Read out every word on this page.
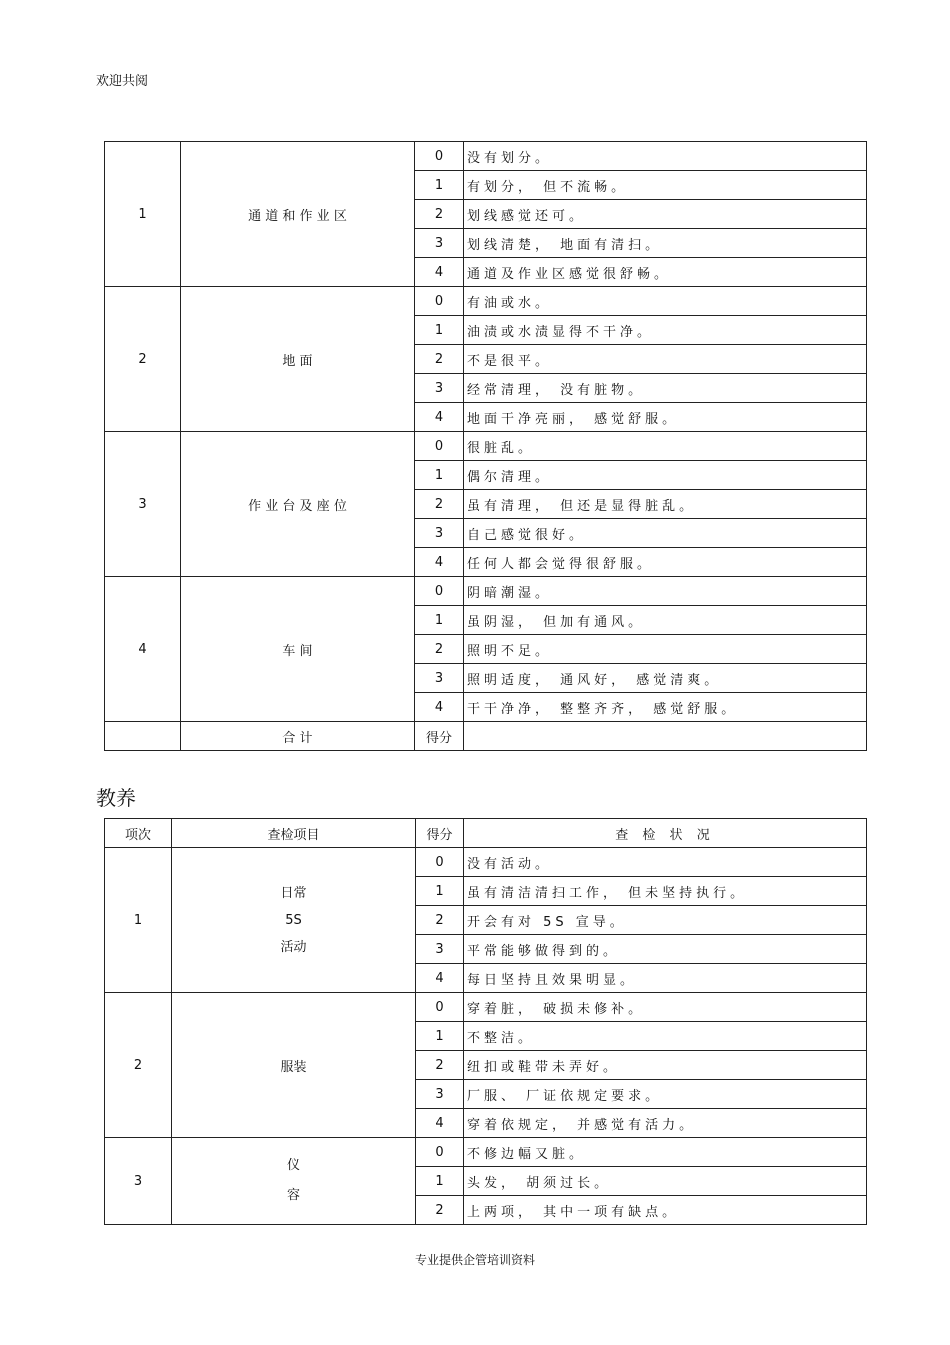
欢迎共阅
1	通 道 和 作 业 区	0	没有划分。
		1	有划分， 但不流畅。
		2	划线感觉还可。
		3	划线清楚， 地面有清扫。
		4	通道及作业区感觉很舒畅。
2	地 面	0	有油或水。
		1	油渍或水渍显得不干净。
		2	不是很平。
		3	经常清理， 没有脏物。
		4	地面干净亮丽， 感觉舒服。
3	作 业 台 及 座 位	0	很脏乱。
		1	偶尔清理。
		2	虽有清理， 但还是显得脏乱。
		3	自己感觉很好。
		4	任何人都会觉得很舒服。
4	车 间	0	阴暗潮湿。
		1	虽阴湿， 但加有通风。
		2	照明不足。
		3	照明适度， 通风好， 感觉清爽。
		4	干干净净， 整整齐齐， 感觉舒服。
	合 计	得分	
教养
项次	查检项目	得分	查 检 状 况
1	日常
5S
活动	0	没有活动。
		1	虽有清洁清扫工作， 但未坚持执行。
		2	开会有对 5S 宣导。
		3	平常能够做得到的。
		4	每日坚持且效果明显。
2	服装	0	穿着脏， 破损未修补。
		1	不整洁。
		2	纽扣或鞋带未弄好。
		3	厂服、 厂证依规定要求。
		4	穿着依规定， 并感觉有活力。
3	仪
容	0	不修边幅又脏。
		1	头发， 胡须过长。
		2	上两项， 其中一项有缺点。
专业提供企管培训资料
